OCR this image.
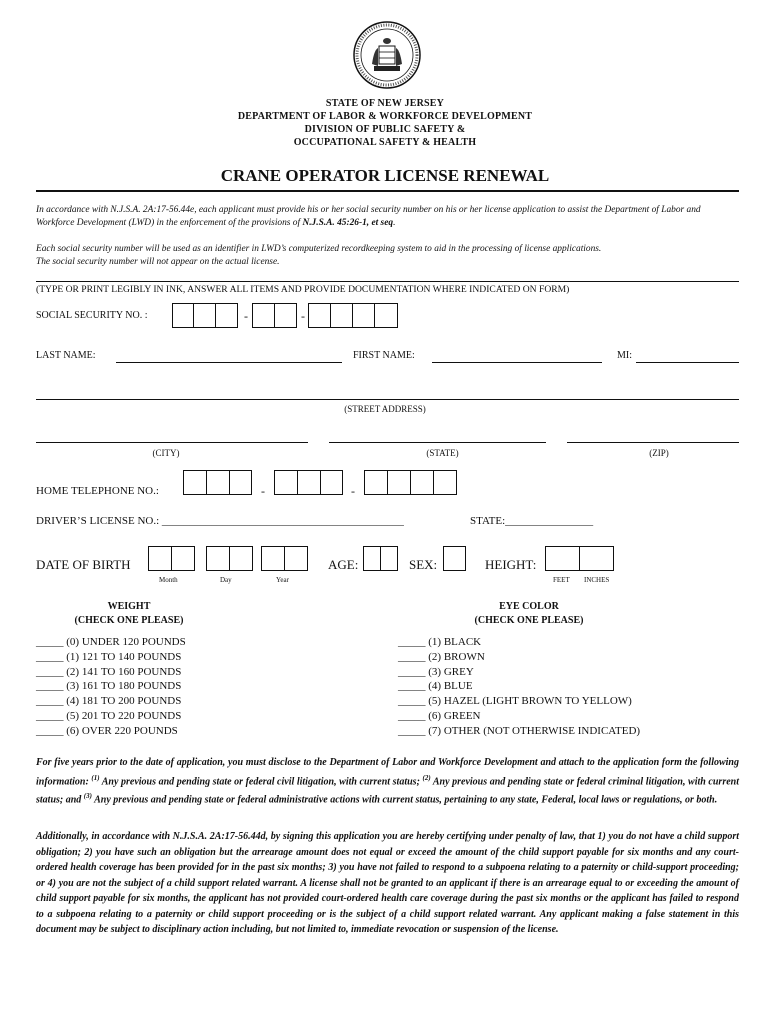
STATE OF NEW JERSEY
DEPARTMENT OF LABOR & WORKFORCE DEVELOPMENT
DIVISION OF PUBLIC SAFETY &
OCCUPATIONAL SAFETY & HEALTH
CRANE OPERATOR LICENSE RENEWAL
In accordance with N.J.S.A. 2A:17-56.44e, each applicant must provide his or her social security number on his or her license application to assist the Department of Labor and Workforce Development (LWD) in the enforcement of the provisions of N.J.S.A. 45:26-1, et seq.
Each social security number will be used as an identifier in LWD’s computerized recordkeeping system to aid in the processing of license applications.
The social security number will not appear on the actual license.
(TYPE OR PRINT LEGIBLY IN INK, ANSWER ALL ITEMS AND PROVIDE DOCUMENTATION WHERE INDICATED ON FORM)
SOCIAL SECURITY NO. :	-	-
LAST NAME:	FIRST NAME:	MI:
(STREET ADDRESS)
(CITY)	(STATE)	(ZIP)
HOME TELEPHONE NO.:	-	-
DRIVER’S LICENSE NO.: ____________________________________________	STATE:________________
DATE OF BIRTH
Month	Day	Year
AGE:	SEX:	HEIGHT:
FEET INCHES
WEIGHT
(CHECK ONE PLEASE)
_____ (0) UNDER 120 POUNDS
_____ (1) 121 TO 140 POUNDS
_____ (2) 141 TO 160 POUNDS
_____ (3) 161 TO 180 POUNDS
_____ (4) 181 TO 200 POUNDS
_____ (5) 201 TO 220 POUNDS
_____ (6) OVER 220 POUNDS
EYE COLOR
(CHECK ONE PLEASE)
_____ (1) BLACK
_____ (2) BROWN
_____ (3) GREY
_____ (4) BLUE
_____ (5) HAZEL (LIGHT BROWN TO YELLOW)
_____ (6) GREEN
_____ (7) OTHER (NOT OTHERWISE INDICATED)
For five years prior to the date of application, you must disclose to the Department of Labor and Workforce Development and attach to the application form the following information: $^{(1)}$ Any previous and pending state or federal civil litigation, with current status; $^{(2)}$ Any previous and pending state or federal criminal litigation, with current status; and $^{(3)}$ Any previous and pending state or federal administrative actions with current status, pertaining to any state, Federal, local laws or regulations, or both.
Additionally, in accordance with N.J.S.A. 2A:17-56.44d, by signing this application you are hereby certifying under penalty of law, that 1) you do not have a child support obligation; 2) you have such an obligation but the arrearage amount does not equal or exceed the amount of the child support payable for six months and any court-ordered health coverage has been provided for in the past six months; 3) you have not failed to respond to a subpoena relating to a paternity or child-support proceeding; or 4) you are not the subject of a child support related warrant. A license shall not be granted to an applicant if there is an arrearage equal to or exceeding the amount of child support payable for six months, the applicant has not provided court-ordered health care coverage during the past six months or the applicant has failed to respond to a subpoena relating to a paternity or child support proceeding or is the subject of a child support related warrant. Any applicant making a false statement in this document may be subject to disciplinary action including, but not limited to, immediate revocation or suspension of the license.
